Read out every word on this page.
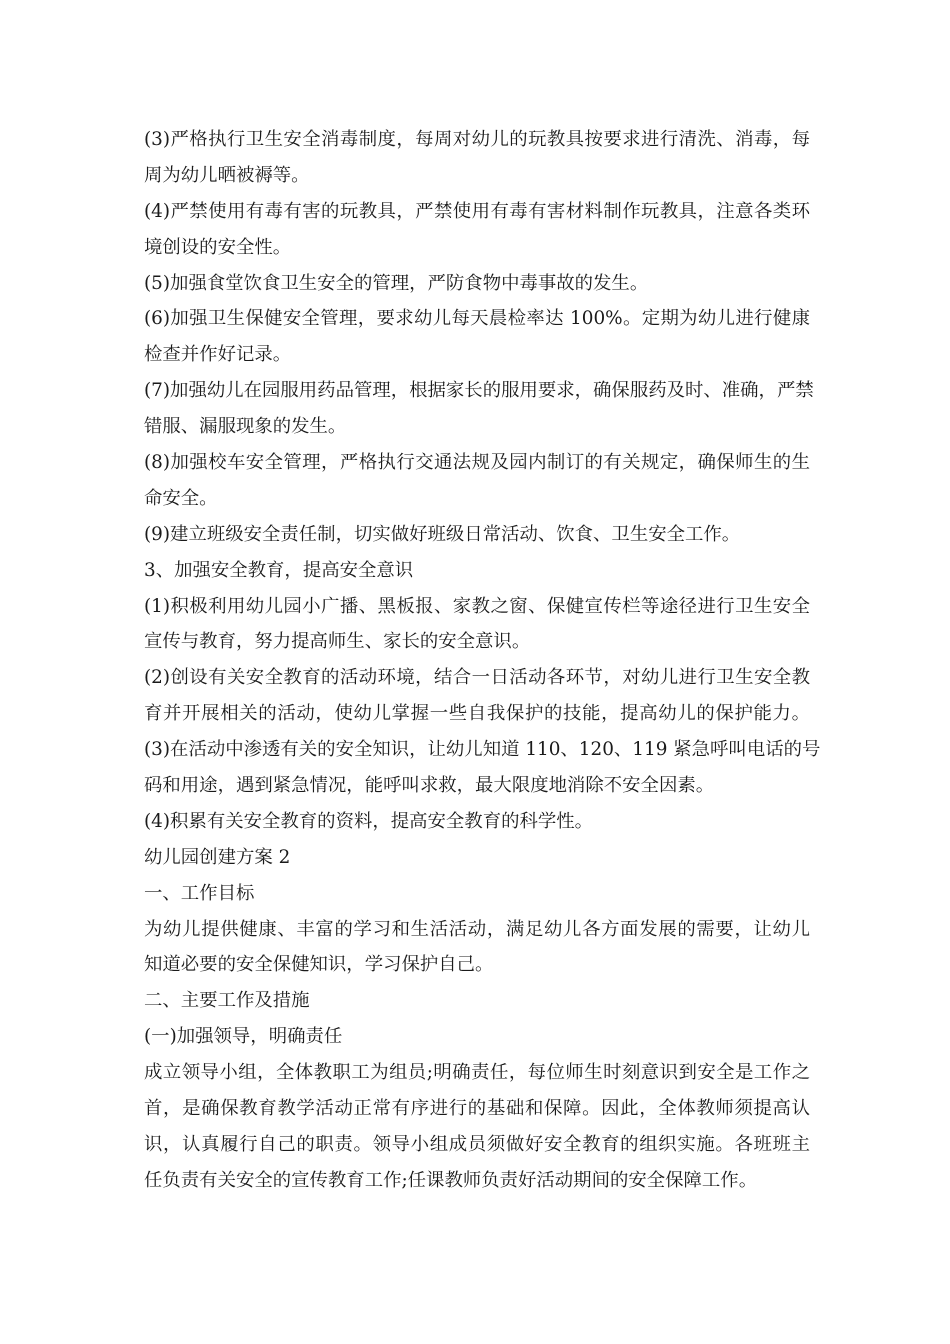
(3)严格执行卫生安全消毒制度，每周对幼儿的玩教具按要求进行清洗、消毒，每
周为幼儿晒被褥等。
(4)严禁使用有毒有害的玩教具，严禁使用有毒有害材料制作玩教具，注意各类环
境创设的安全性。
(5)加强食堂饮食卫生安全的管理，严防食物中毒事故的发生。
(6)加强卫生保健安全管理，要求幼儿每天晨检率达 100%。定期为幼儿进行健康
检查并作好记录。
(7)加强幼儿在园服用药品管理，根据家长的服用要求，确保服药及时、准确，严禁
错服、漏服现象的发生。
(8)加强校车安全管理，严格执行交通法规及园内制订的有关规定，确保师生的生
命安全。
(9)建立班级安全责任制，切实做好班级日常活动、饮食、卫生安全工作。
3、加强安全教育，提高安全意识
(1)积极利用幼儿园小广播、黑板报、家教之窗、保健宣传栏等途径进行卫生安全
宣传与教育，努力提高师生、家长的安全意识。
(2)创设有关安全教育的活动环境，结合一日活动各环节，对幼儿进行卫生安全教
育并开展相关的活动，使幼儿掌握一些自我保护的技能，提高幼儿的保护能力。
(3)在活动中渗透有关的安全知识，让幼儿知道 110、120、119 紧急呼叫电话的号
码和用途，遇到紧急情况，能呼叫求救，最大限度地消除不安全因素。
(4)积累有关安全教育的资料，提高安全教育的科学性。
幼儿园创建方案 2
一、工作目标
为幼儿提供健康、丰富的学习和生活活动，满足幼儿各方面发展的需要，让幼儿
知道必要的安全保健知识，学习保护自己。
二、主要工作及措施
(一)加强领导，明确责任
成立领导小组，全体教职工为组员;明确责任，每位师生时刻意识到安全是工作之
首，是确保教育教学活动正常有序进行的基础和保障。因此，全体教师须提高认
识，认真履行自己的职责。领导小组成员须做好安全教育的组织实施。各班班主
任负责有关安全的宣传教育工作;任课教师负责好活动期间的安全保障工作。
